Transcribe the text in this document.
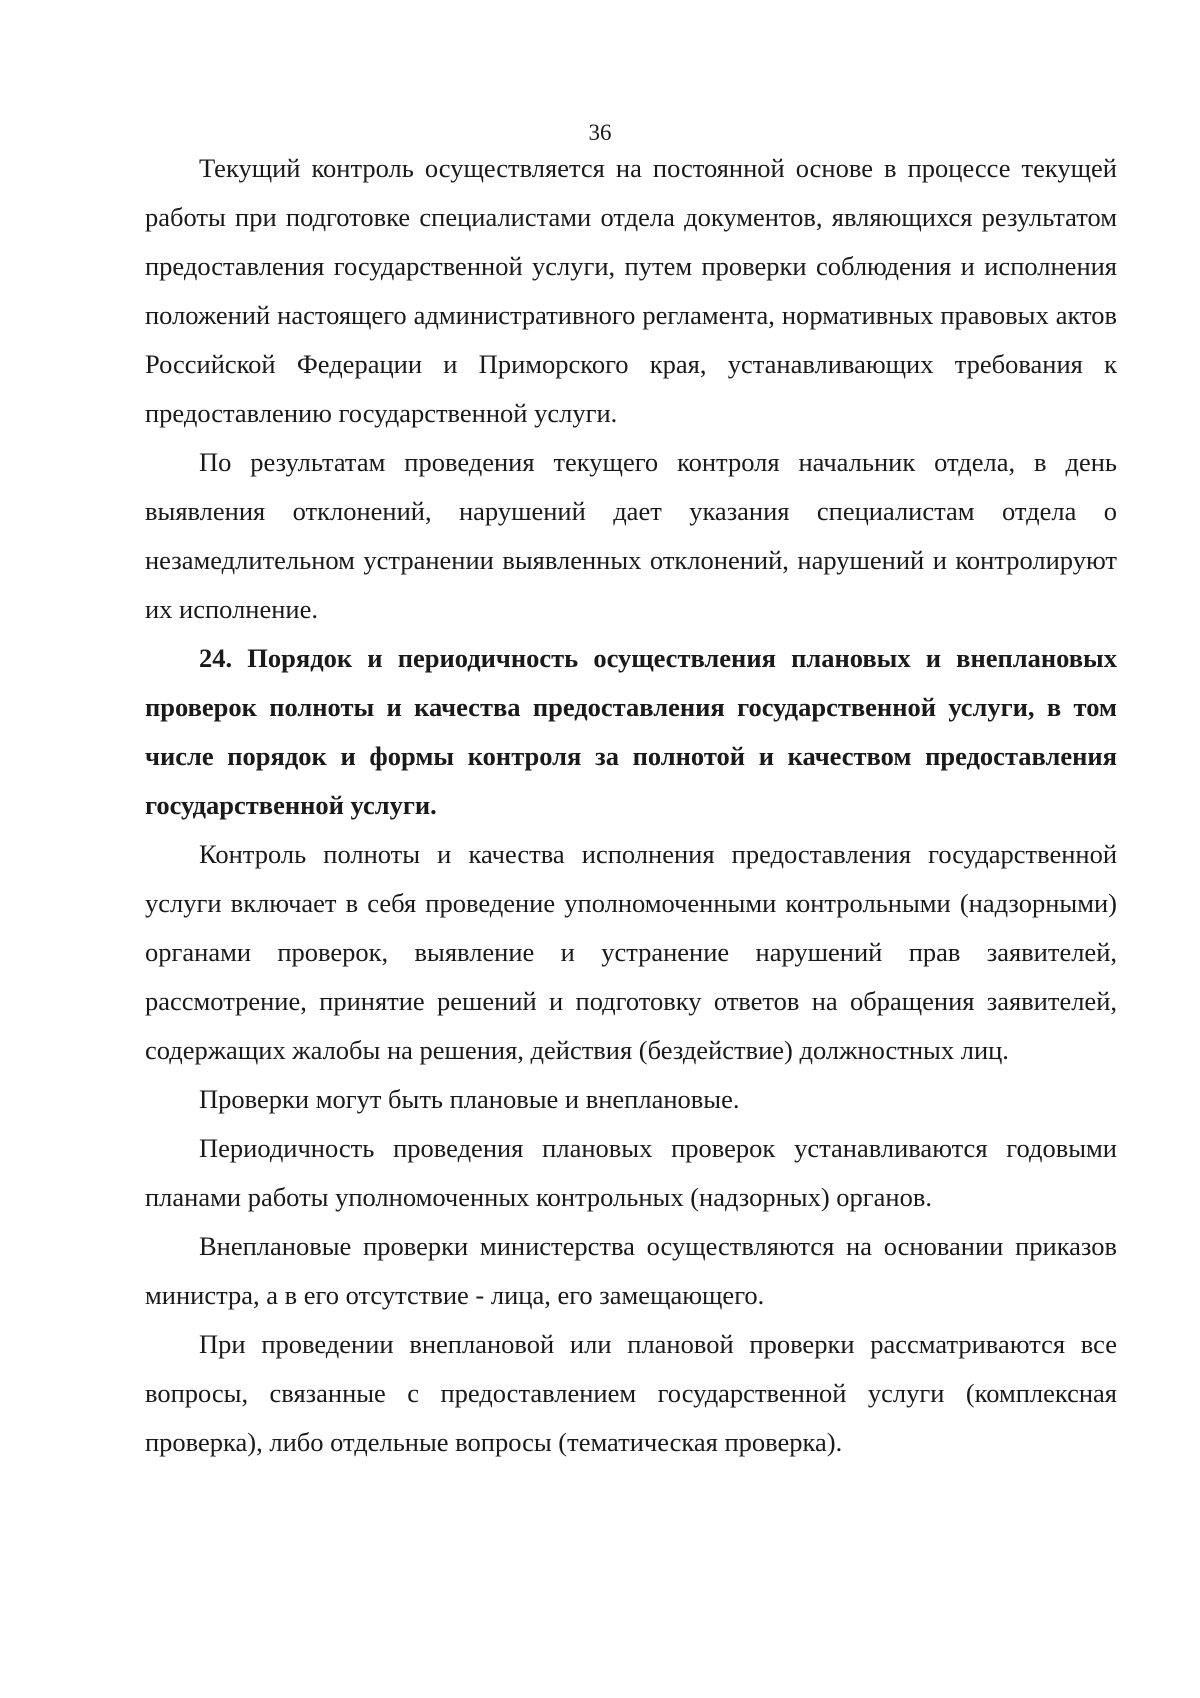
36

Текущий контроль осуществляется на постоянной основе в процессе текущей работы при подготовке специалистами отдела документов, являющихся результатом предоставления государственной услуги, путем проверки соблюдения и исполнения положений настоящего административного регламента, нормативных правовых актов Российской Федерации и Приморского края, устанавливающих требования к предоставлению государственной услуги.

По результатам проведения текущего контроля начальник отдела, в день выявления отклонений, нарушений дает указания специалистам отдела о незамедлительном устранении выявленных отклонений, нарушений и контролируют их исполнение.

24. Порядок и периодичность осуществления плановых и внеплановых проверок полноты и качества предоставления государственной услуги, в том числе порядок и формы контроля за полнотой и качеством предоставления государственной услуги.

Контроль полноты и качества исполнения предоставления государственной услуги включает в себя проведение уполномоченными контрольными (надзорными) органами проверок, выявление и устранение нарушений прав заявителей, рассмотрение, принятие решений и подготовку ответов на обращения заявителей, содержащих жалобы на решения, действия (бездействие) должностных лиц.

Проверки могут быть плановые и внеплановые.

Периодичность проведения плановых проверок устанавливаются годовыми планами работы уполномоченных контрольных (надзорных) органов.

Внеплановые проверки министерства осуществляются на основании приказов министра, а в его отсутствие - лица, его замещающего.

При проведении внеплановой или плановой проверки рассматриваются все вопросы, связанные с предоставлением государственной услуги (комплексная проверка), либо отдельные вопросы (тематическая проверка).
